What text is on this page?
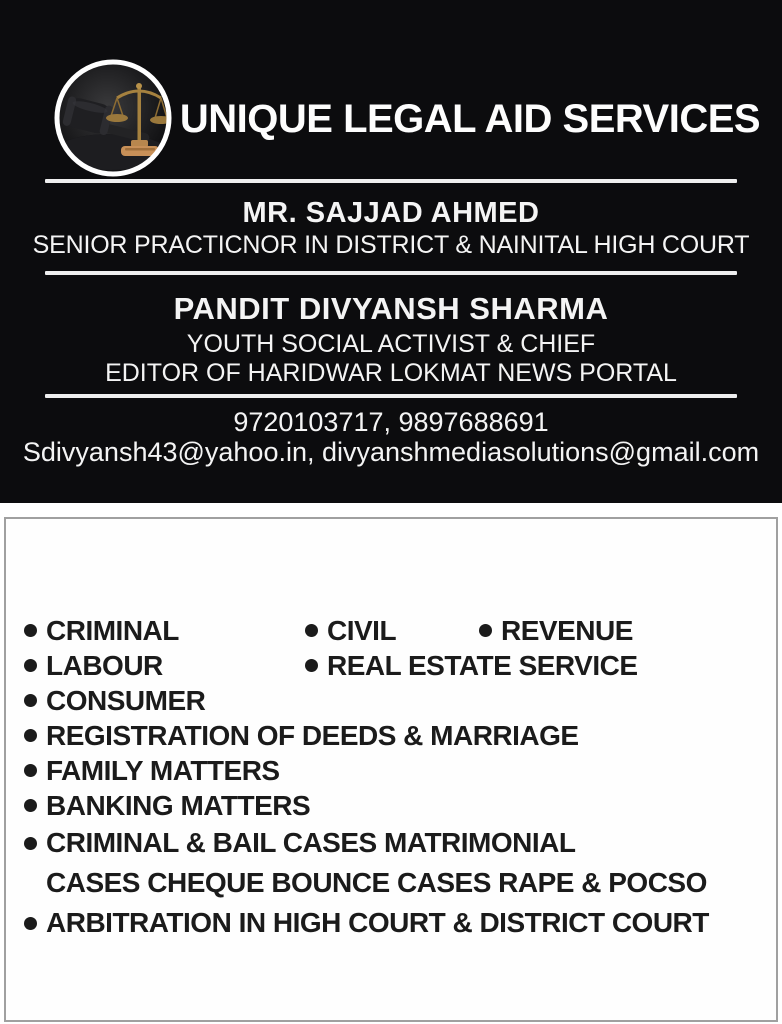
UNIQUE LEGAL AID SERVICES
MR. SAJJAD AHMED
SENIOR PRACTICNOR IN DISTRICT & NAINITAL HIGH COURT
PANDIT DIVYANSH SHARMA
YOUTH SOCIAL ACTIVIST & CHIEF
EDITOR OF HARIDWAR LOKMAT NEWS PORTAL
9720103717, 9897688691
Sdivyansh43@yahoo.in, divyanshmediasolutions@gmail.com
CRIMINAL	CIVIL	REVENUE
LABOUR	REAL ESTATE SERVICE
CONSUMER
REGISTRATION OF DEEDS & MARRIAGE
FAMILY MATTERS
BANKING MATTERS
CRIMINAL & BAIL CASES MATRIMONIAL
CASES CHEQUE BOUNCE CASES RAPE & POCSO
ARBITRATION IN HIGH COURT & DISTRICT COURT
